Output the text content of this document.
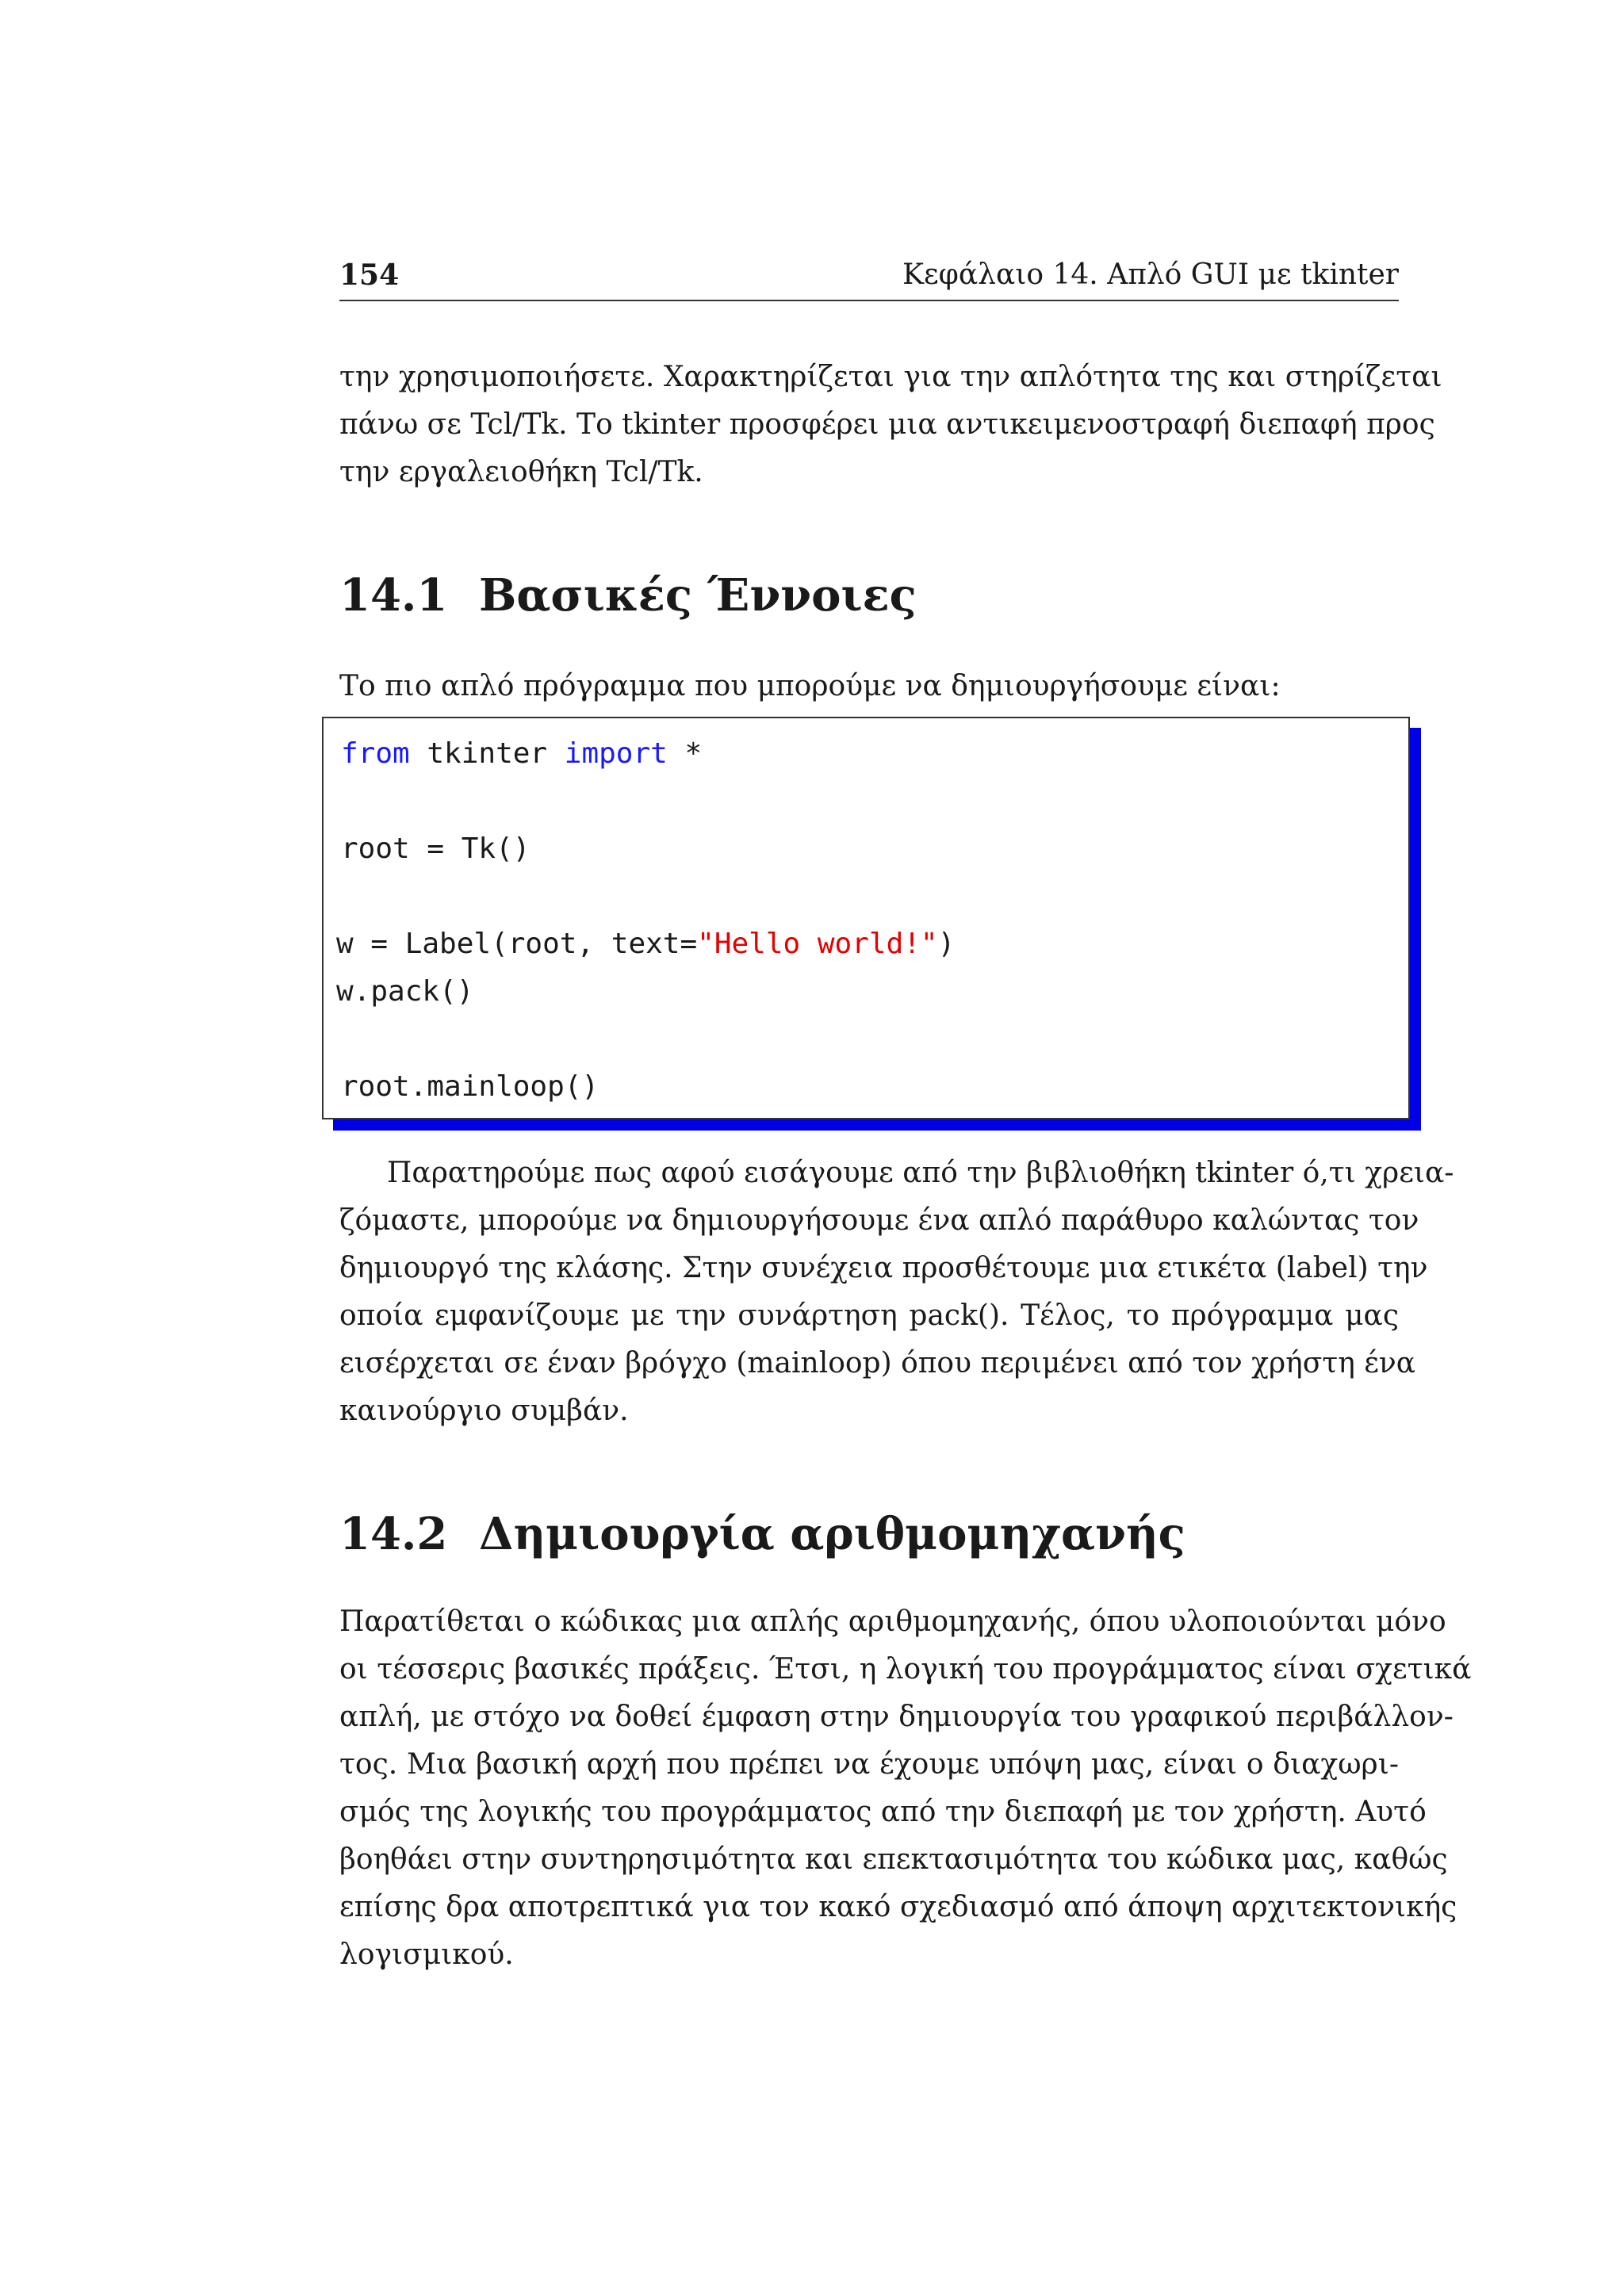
154	Κεφάλαιο 14. Απλό GUI με tkinter

την χρησιμοποιήσετε. Χαρακτηρίζεται για την απλότητα της και στηρίζεται
πάνω σε Tcl/Tk. Το tkinter προσφέρει μια αντικειμενοστραφή διεπαφή προς
την εργαλειοθήκη Tcl/Tk.

14.1 Βασικές Έννοιες

Το πιο απλό πρόγραμμα που μπορούμε να δημιουργήσουμε είναι:

from tkinter import *
root = Tk()
w = Label(root, text="Hello world!")
w.pack()
root.mainloop()

Παρατηρούμε πως αφού εισάγουμε από την βιβλιοθήκη tkinter ό,τι χρεια-
ζόμαστε, μπορούμε να δημιουργήσουμε ένα απλό παράθυρο καλώντας τον
δημιουργό της κλάσης. Στην συνέχεια προσθέτουμε μια ετικέτα (label) την
οποία εμφανίζουμε με την συνάρτηση pack(). Τέλος, το πρόγραμμα μας
εισέρχεται σε έναν βρόγχο (mainloop) όπου περιμένει από τον χρήστη ένα
καινούργιο συμβάν.

14.2 Δημιουργία αριθμομηχανής

Παρατίθεται ο κώδικας μια απλής αριθμομηχανής, όπου υλοποιούνται μόνο
οι τέσσερις βασικές πράξεις. Έτσι, η λογική του προγράμματος είναι σχετικά
απλή, με στόχο να δοθεί έμφαση στην δημιουργία του γραφικού περιβάλλον-
τος. Μια βασική αρχή που πρέπει να έχουμε υπόψη μας, είναι ο διαχωρι-
σμός της λογικής του προγράμματος από την διεπαφή με τον χρήστη. Αυτό
βοηθάει στην συντηρησιμότητα και επεκτασιμότητα του κώδικα μας, καθώς
επίσης δρα αποτρεπτικά για τον κακό σχεδιασμό από άποψη αρχιτεκτονικής
λογισμικού.
